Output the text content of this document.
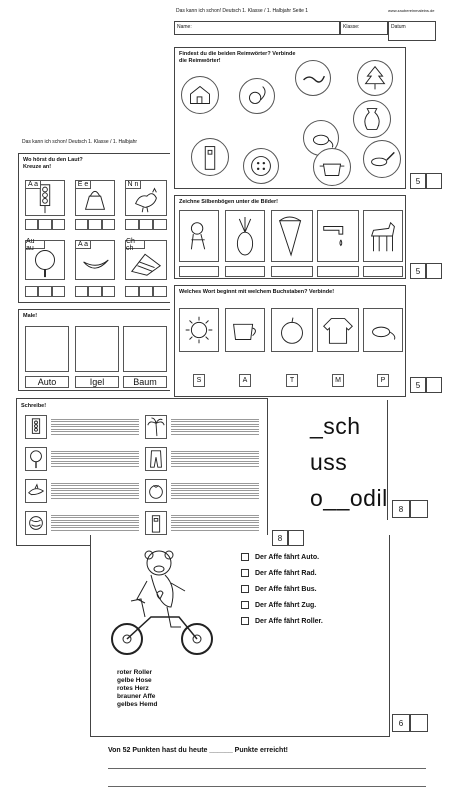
Das kann ich schon! Deutsch 1. Klasse / 1. Halbjahr
Wo hörst du den Laut? Kreuze an!
A a	E e	N n
Au au	A a	Ch ch
Male!
Auto	Igel	Baum
_sch
uss
o__odil	8
Das kann ich schon! Deutsch 1. Klasse / 1. Halbjahr Seite 1	www.zaubereinmaleins.de
Name:	Klasse:	Datum
Findest du die beiden Reimwörter? Verbinde die Reimwörter!
5
Zeichne Silbenbögen unter die Bilder!
5
Welches Wort beginnt mit welchem Buchstaben? Verbinde!
S	A	T	M	P	5
Schreibe!
Der Affe fährt Auto.
Der Affe fährt Rad.
Der Affe fährt Bus.
Der Affe fährt Zug.
Der Affe fährt Roller.
roter Roller
gelbe Hose
rotes Herz
brauner Affe
gelbes Hemd
8
6
Von 52 Punkten hast du heute ______ Punkte erreicht!
